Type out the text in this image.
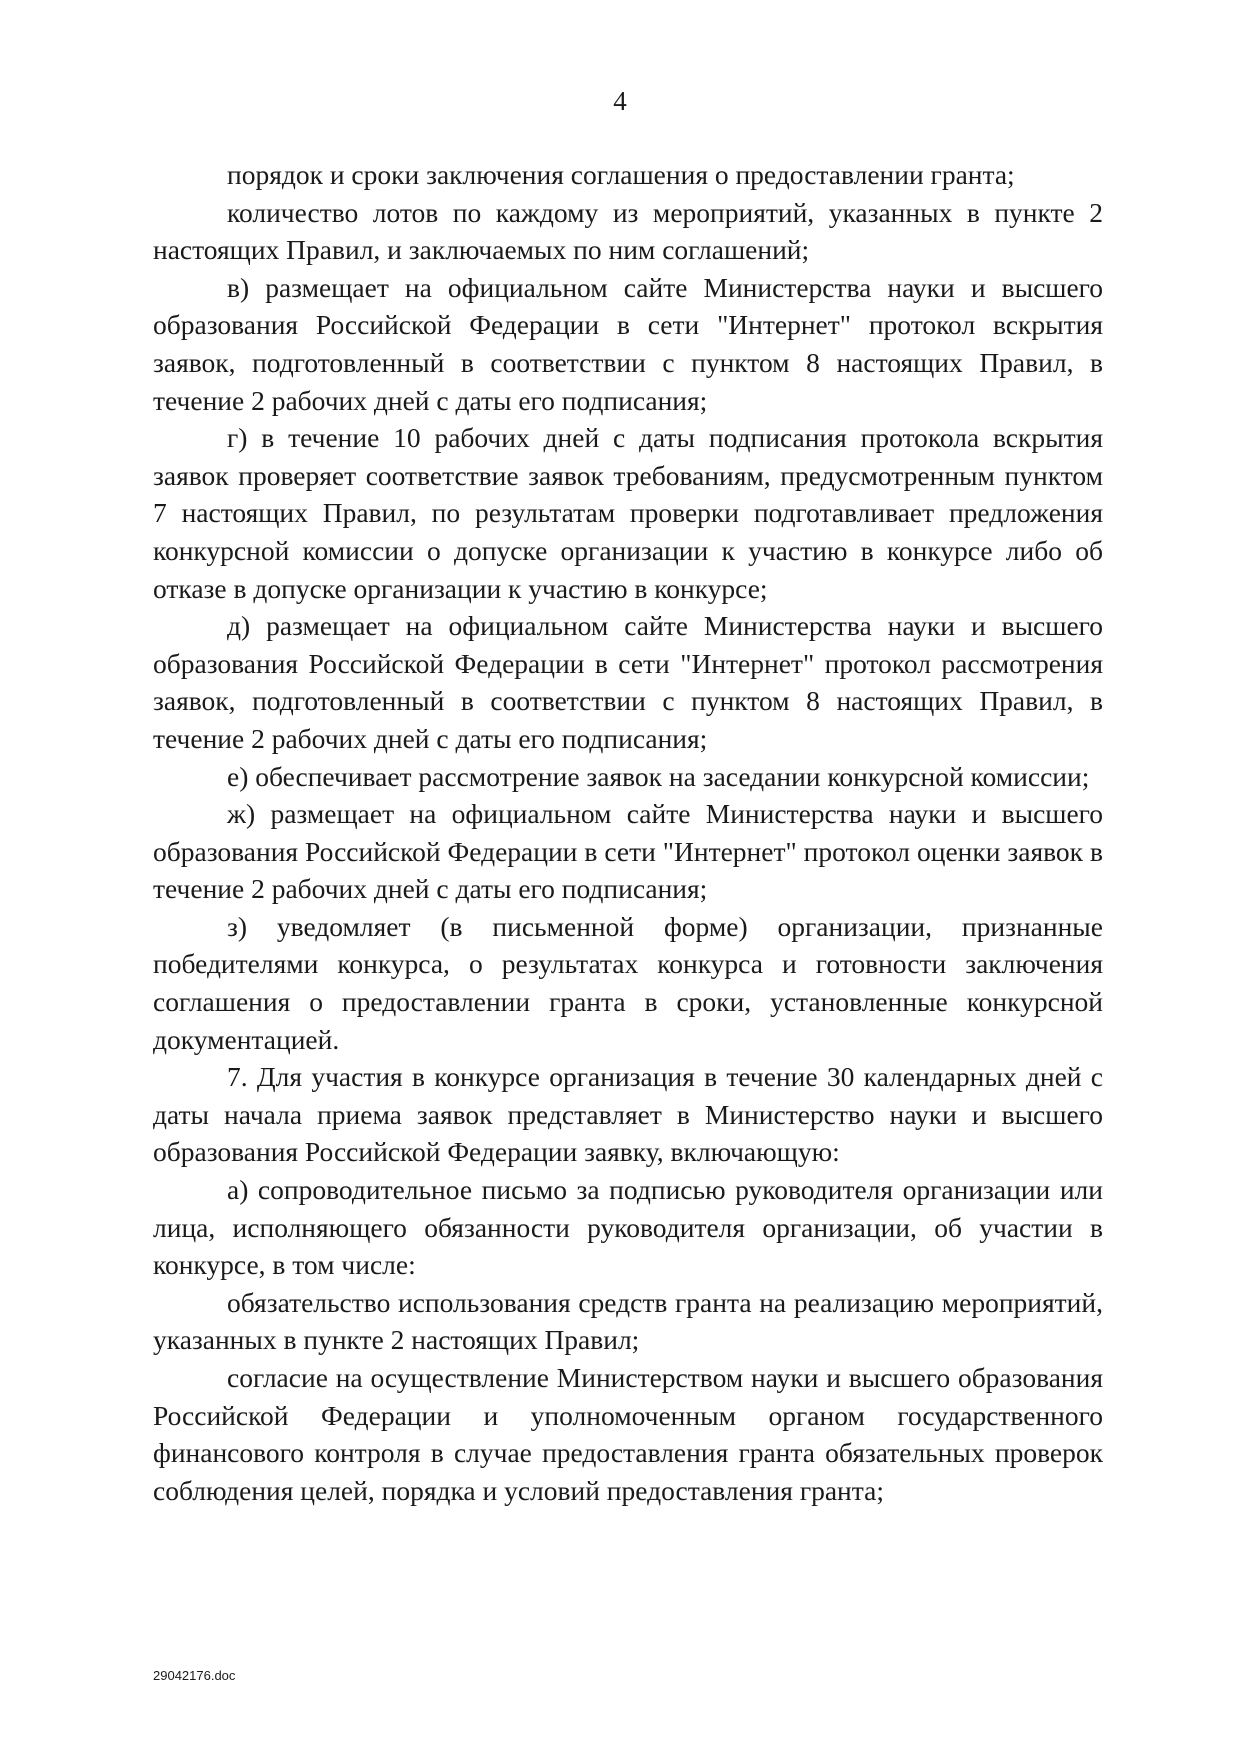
4

порядок и сроки заключения соглашения о предоставлении гранта;

количество лотов по каждому из мероприятий, указанных в пункте 2 настоящих Правил, и заключаемых по ним соглашений;

в) размещает на официальном сайте Министерства науки и высшего образования Российской Федерации в сети "Интернет" протокол вскрытия заявок, подготовленный в соответствии с пунктом 8 настоящих Правил, в течение 2 рабочих дней с даты его подписания;

г) в течение 10 рабочих дней с даты подписания протокола вскрытия заявок проверяет соответствие заявок требованиям, предусмотренным пунктом 7 настоящих Правил, по результатам проверки подготавливает предложения конкурсной комиссии о допуске организации к участию в конкурсе либо об отказе в допуске организации к участию в конкурсе;

д) размещает на официальном сайте Министерства науки и высшего образования Российской Федерации в сети "Интернет" протокол рассмотрения заявок, подготовленный в соответствии с пунктом 8 настоящих Правил, в течение 2 рабочих дней с даты его подписания;

е) обеспечивает рассмотрение заявок на заседании конкурсной комиссии;

ж) размещает на официальном сайте Министерства науки и высшего образования Российской Федерации в сети "Интернет" протокол оценки заявок в течение 2 рабочих дней с даты его подписания;

з) уведомляет (в письменной форме) организации, признанные победителями конкурса, о результатах конкурса и готовности заключения соглашения о предоставлении гранта в сроки, установленные конкурсной документацией.

7. Для участия в конкурсе организация в течение 30 календарных дней с даты начала приема заявок представляет в Министерство науки и высшего образования Российской Федерации заявку, включающую:

а) сопроводительное письмо за подписью руководителя организации или лица, исполняющего обязанности руководителя организации, об участии в конкурсе, в том числе:

обязательство использования средств гранта на реализацию мероприятий, указанных в пункте 2 настоящих Правил;

согласие на осуществление Министерством науки и высшего образования Российской Федерации и уполномоченным органом государственного финансового контроля в случае предоставления гранта обязательных проверок соблюдения целей, порядка и условий предоставления гранта;

29042176.doc
